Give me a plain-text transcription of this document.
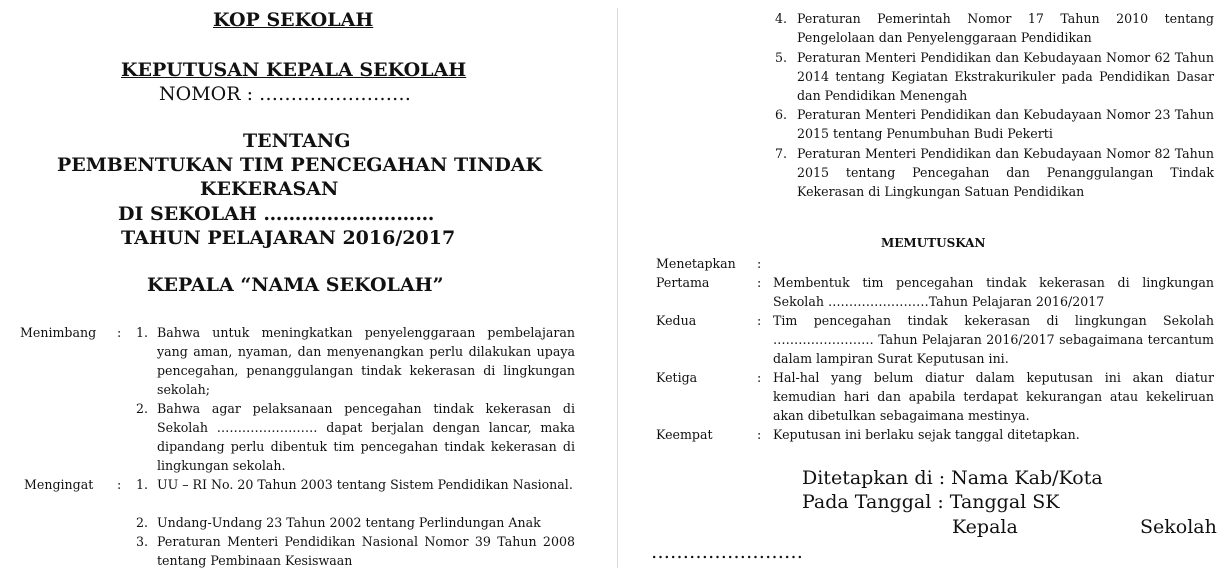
KOP SEKOLAH
KEPUTUSAN KEPALA SEKOLAH
NOMOR : ……………………
TENTANG
PEMBENTUKAN TIM PENCEGAHAN TINDAK
KEKERASAN
DI SEKOLAH ………………………
TAHUN PELAJARAN 2016/2017
KEPALA “NAMA SEKOLAH”
Menimbang : 1. Bahwa untuk meningkatkan penyelenggaraan pembelajaran yang aman, nyaman, dan menyenangkan perlu dilakukan upaya pencegahan, penanggulangan tindak kekerasan di lingkungan sekolah;
2. Bahwa agar pelaksanaan pencegahan tindak kekerasan di Sekolah …………………… dapat berjalan dengan lancar, maka dipandang perlu dibentuk tim pencegahan tindak kekerasan di lingkungan sekolah.
Mengingat : 1. UU – RI No. 20 Tahun 2003 tentang Sistem Pendidikan Nasional.
2. Undang-Undang 23 Tahun 2002 tentang Perlindungan Anak
3. Peraturan Menteri Pendidikan Nasional Nomor 39 Tahun 2008 tentang Pembinaan Kesiswaan
4. Peraturan Pemerintah Nomor 17 Tahun 2010 tentang Pengelolaan dan Penyelenggaraan Pendidikan
5. Peraturan Menteri Pendidikan dan Kebudayaan Nomor 62 Tahun 2014 tentang Kegiatan Ekstrakurikuler pada Pendidikan Dasar dan Pendidikan Menengah
6. Peraturan Menteri Pendidikan dan Kebudayaan Nomor 23 Tahun 2015 tentang Penumbuhan Budi Pekerti
7. Peraturan Menteri Pendidikan dan Kebudayaan Nomor 82 Tahun 2015 tentang Pencegahan dan Penanggulangan Tindak Kekerasan di Lingkungan Satuan Pendidikan
MEMUTUSKAN
Menetapkan :
Pertama	: Membentuk tim pencegahan tindak kekerasan di lingkungan Sekolah ……………………Tahun Pelajaran 2016/2017
Kedua	: Tim pencegahan tindak kekerasan di lingkungan Sekolah …………………… Tahun Pelajaran 2016/2017 sebagaimana tercantum dalam lampiran Surat Keputusan ini.
Ketiga	: Hal-hal yang belum diatur dalam keputusan ini akan diatur kemudian hari dan apabila terdapat kekurangan atau kekeliruan akan dibetulkan sebagaimana mestinya.
Keempat	: Keputusan ini berlaku sejak tanggal ditetapkan.
Ditetapkan di : Nama Kab/Kota
Pada Tanggal : Tanggal SK
Kepala	Sekolah
……………………
